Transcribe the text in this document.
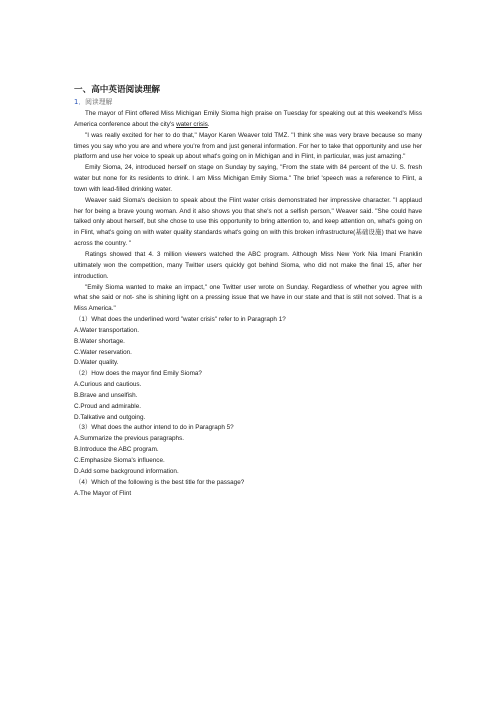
一、高中英语阅读理解
1．阅读理解

The mayor of Flint offered Miss Michigan Emily Sioma high praise on Tuesday for speaking out at this weekend's Miss America conference about the city's water crisis.

"I was really excited for her to do that," Mayor Karen Weaver told TMZ. "I think she was very brave because so many times you say who you are and where you're from and just general information. For her to take that opportunity and use her platform and use her voice to speak up about what's going on in Michigan and in Flint, in particular, was just amazing."

Emily Sioma, 24, introduced herself on stage on Sunday by saying, "From the state with 84 percent of the U. S. fresh water but none for its residents to drink. I am Miss Michigan Emily Sioma." The brief 'speech was a reference to Flint, a town with lead-filled drinking water.

Weaver said Sioma's decision to speak about the Flint water crisis demonstrated her impressive character. "I applaud her for being a brave young woman. And it also shows you that she's not a selfish person," Weaver said. "She could have talked only about herself, but she chose to use this opportunity to bring attention to, and keep attention on, what's going on in Flint, what's going on with water quality standards what's going on with this broken infrastructure(基础设施) that we have across the country. "

Ratings showed that 4. 3 million viewers watched the ABC program. Although Miss New York Nia Imani Franklin ultimately won the competition, many Twitter users quickly got behind Sioma, who did not make the final 15, after her introduction.

"Emily Sioma wanted to make an impact," one Twitter user wrote on Sunday. Regardless of whether you agree with what she said or not- she is shining light on a pressing issue that we have in our state and that is still not solved. That is a Miss America."

（1）What does the underlined word "water crisis" refer to in Paragraph 1?

A.Water transportation.

B.Water shortage.

C.Water reservation.

D.Water quality.

（2）How does the mayor find Emily Sioma?

A.Curious and cautious.

B.Brave and unselfish.

C.Proud and admirable.

D.Talkative and outgoing.

（3）What does the author intend to do in Paragraph 5?

A.Summarize the previous paragraphs.

B.Introduce the ABC program.

C.Emphasize Sioma's influence.

D.Add some background information.

（4）Which of the following is the best title for the passage?

A.The Mayor of Flint
